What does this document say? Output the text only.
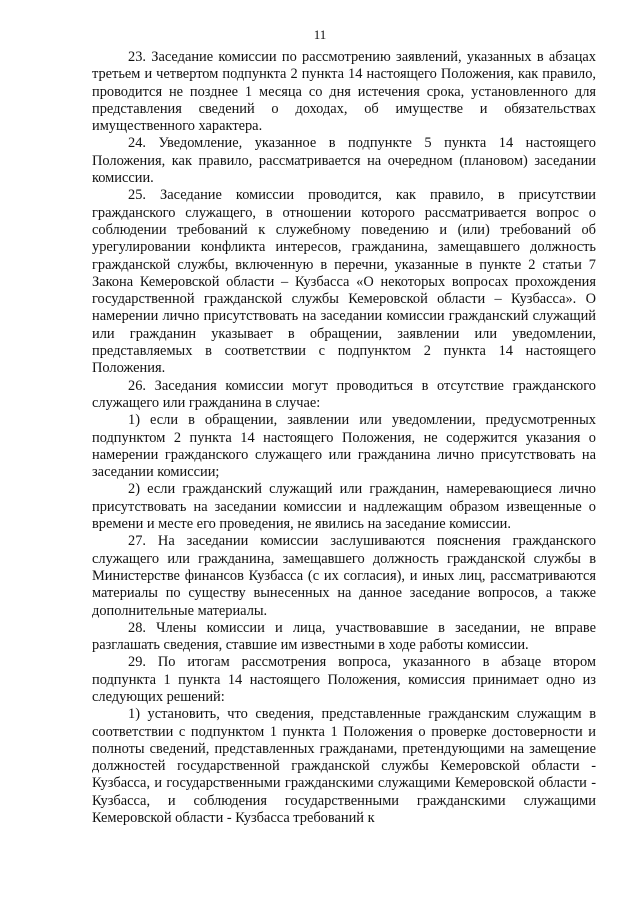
11

23. Заседание комиссии по рассмотрению заявлений, указанных в абзацах третьем и четвертом подпункта 2 пункта 14 настоящего Положения, как правило, проводится не позднее 1 месяца со дня истечения срока, установленного для представления сведений о доходах, об имуществе и обязательствах имущественного характера.

24. Уведомление, указанное в подпункте 5 пункта 14 настоящего Положения, как правило, рассматривается на очередном (плановом) заседании комиссии.

25. Заседание комиссии проводится, как правило, в присутствии гражданского служащего, в отношении которого рассматривается вопрос о соблюдении требований к служебному поведению и (или) требований об урегулировании конфликта интересов, гражданина, замещавшего должность гражданской службы, включенную в перечни, указанные в пункте 2 статьи 7 Закона Кемеровской области – Кузбасса «О некоторых вопросах прохождения государственной гражданской службы Кемеровской области – Кузбасса». О намерении лично присутствовать на заседании комиссии гражданский служащий или гражданин указывает в обращении, заявлении или уведомлении, представляемых в соответствии с подпунктом 2 пункта 14 настоящего Положения.

26. Заседания комиссии могут проводиться в отсутствие гражданского служащего или гражданина в случае:

1) если в обращении, заявлении или уведомлении, предусмотренных подпунктом 2 пункта 14 настоящего Положения, не содержится указания о намерении гражданского служащего или гражданина лично присутствовать на заседании комиссии;

2) если гражданский служащий или гражданин, намеревающиеся лично присутствовать на заседании комиссии и надлежащим образом извещенные о времени и месте его проведения, не явились на заседание комиссии.

27. На заседании комиссии заслушиваются пояснения гражданского служащего или гражданина, замещавшего должность гражданской службы в Министерстве финансов Кузбасса (с их согласия), и иных лиц, рассматриваются материалы по существу вынесенных на данное заседание вопросов, а также дополнительные материалы.

28. Члены комиссии и лица, участвовавшие в заседании, не вправе разглашать сведения, ставшие им известными в ходе работы комиссии.

29. По итогам рассмотрения вопроса, указанного в абзаце втором подпункта 1 пункта 14 настоящего Положения, комиссия принимает одно из следующих решений:

1) установить, что сведения, представленные гражданским служащим в соответствии с подпунктом 1 пункта 1 Положения о проверке достоверности и полноты сведений, представленных гражданами, претендующими на замещение должностей государственной гражданской службы Кемеровской области - Кузбасса, и государственными гражданскими служащими Кемеровской области - Кузбасса, и соблюдения государственными гражданскими служащими Кемеровской области - Кузбасса требований к
